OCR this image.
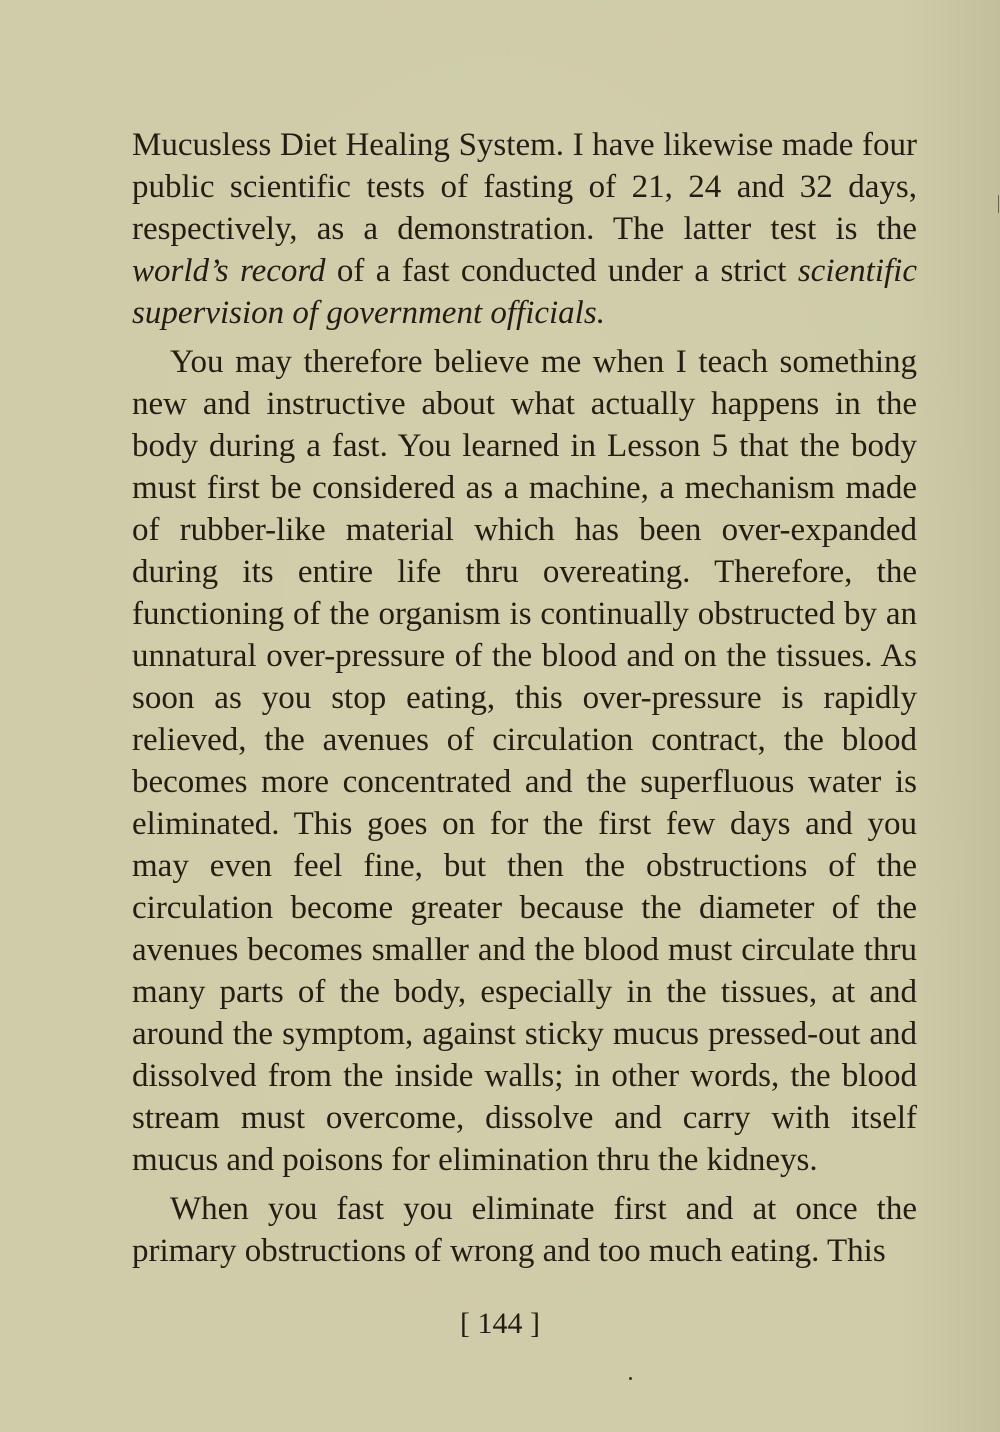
Mucusless Diet Healing System. I have likewise made four public scientific tests of fasting of 21, 24 and 32 days, respectively, as a demonstration. The latter test is the world’s record of a fast conducted under a strict scientific supervision of government officials.

You may therefore believe me when I teach something new and instructive about what actually happens in the body during a fast. You learned in Lesson 5 that the body must first be considered as a machine, a mechanism made of rubber-like material which has been over-expanded during its entire life thru overeating. Therefore, the functioning of the organism is continually obstructed by an unnatural over-pressure of the blood and on the tissues. As soon as you stop eating, this over-pressure is rapidly relieved, the avenues of circulation contract, the blood becomes more concentrated and the superfluous water is eliminated. This goes on for the first few days and you may even feel fine, but then the obstructions of the circulation become greater because the diameter of the avenues becomes smaller and the blood must circulate thru many parts of the body, especially in the tissues, at and around the symptom, against sticky mucus pressed-out and dissolved from the inside walls; in other words, the blood stream must overcome, dissolve and carry with itself mucus and poisons for elimination thru the kidneys.

When you fast you eliminate first and at once the primary obstructions of wrong and too much eating. This

[ 144 ]
